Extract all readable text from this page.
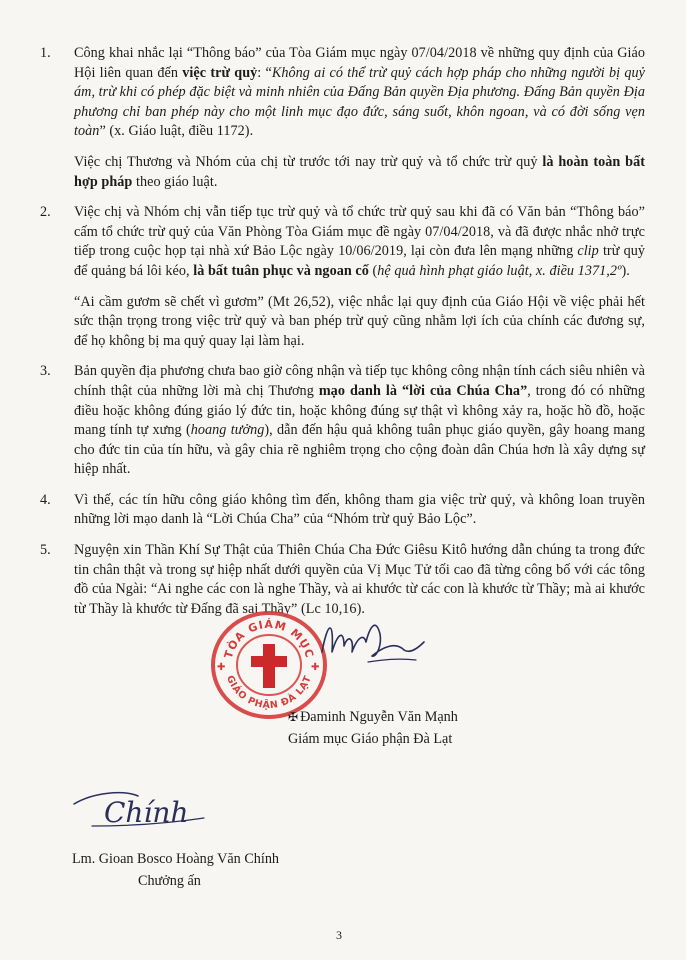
1. Công khai nhắc lại “Thông báo” của Tòa Giám mục ngày 07/04/2018 về những quy định của Giáo Hội liên quan đến việc trừ quỷ: “Không ai có thể trừ quỷ cách hợp pháp cho những người bị quỷ ám, trừ khi có phép đặc biệt và minh nhiên của Đấng Bản quyền Địa phương. Đấng Bản quyền Địa phương chỉ ban phép này cho một linh mục đạo đức, sáng suốt, khôn ngoan, và có đời sống vẹn toàn” (x. Giáo luật, điều 1172).

Việc chị Thương và Nhóm của chị từ trước tới nay trừ quỷ và tổ chức trừ quỷ là hoàn toàn bất hợp pháp theo giáo luật.

2. Việc chị và Nhóm chị vẫn tiếp tục trừ quỷ và tổ chức trừ quỷ sau khi đã có Văn bản “Thông báo” cấm tổ chức trừ quỷ của Văn Phòng Tòa Giám mục đề ngày 07/04/2018, và đã được nhắc nhở trực tiếp trong cuộc họp tại nhà xứ Bảo Lộc ngày 10/06/2019, lại còn đưa lên mạng những clip trừ quỷ để quảng bá lôi kéo, là bất tuân phục và ngoan cố (hệ quả hình phạt giáo luật, x. điều 1371,2º).

“Ai cầm gươm sẽ chết vì gươm” (Mt 26,52), việc nhắc lại quy định của Giáo Hội về việc phải hết sức thận trọng trong việc trừ quỷ và ban phép trừ quỷ cũng nhằm lợi ích của chính các đương sự, để họ không bị ma quỷ quay lại làm hại.

3. Bản quyền địa phương chưa bao giờ công nhận và tiếp tục không công nhận tính cách siêu nhiên và chính thật của những lời mà chị Thương mạo danh là “lời của Chúa Cha”, trong đó có những điều hoặc không đúng giáo lý đức tin, hoặc không đúng sự thật vì không xảy ra, hoặc hồ đồ, hoặc mang tính tự xưng (hoang tưởng), dẫn đến hậu quả không tuân phục giáo quyền, gây hoang mang cho đức tin của tín hữu, và gây chia rẽ nghiêm trọng cho cộng đoàn dân Chúa hơn là xây dựng sự hiệp nhất.

4. Vì thế, các tín hữu công giáo không tìm đến, không tham gia việc trừ quỷ, và không loan truyền những lời mạo danh là “Lời Chúa Cha” của “Nhóm trừ quỷ Bảo Lộc”.

5. Nguyện xin Thần Khí Sự Thật của Thiên Chúa Cha Đức Giêsu Kitô hướng dẫn chúng ta trong đức tin chân thật và trong sự hiệp nhất dưới quyền của Vị Mục Tử tối cao đã từng công bố với các tông đồ của Ngài: “Ai nghe các con là nghe Thầy, và ai khước từ các con là khước từ Thầy; mà ai khước từ Thầy là khước từ Đấng đã sai Thầy” (Lc 10,16).

TÒA GIÁM MỤC
GIÁO PHẬN ĐÀ LẠT
✚	✚
✠ Đaminh Nguyễn Văn Mạnh
Giám mục Giáo phận Đà Lạt
Chính
Lm. Gioan Bosco Hoàng Văn Chính
Chưởng ấn
3
